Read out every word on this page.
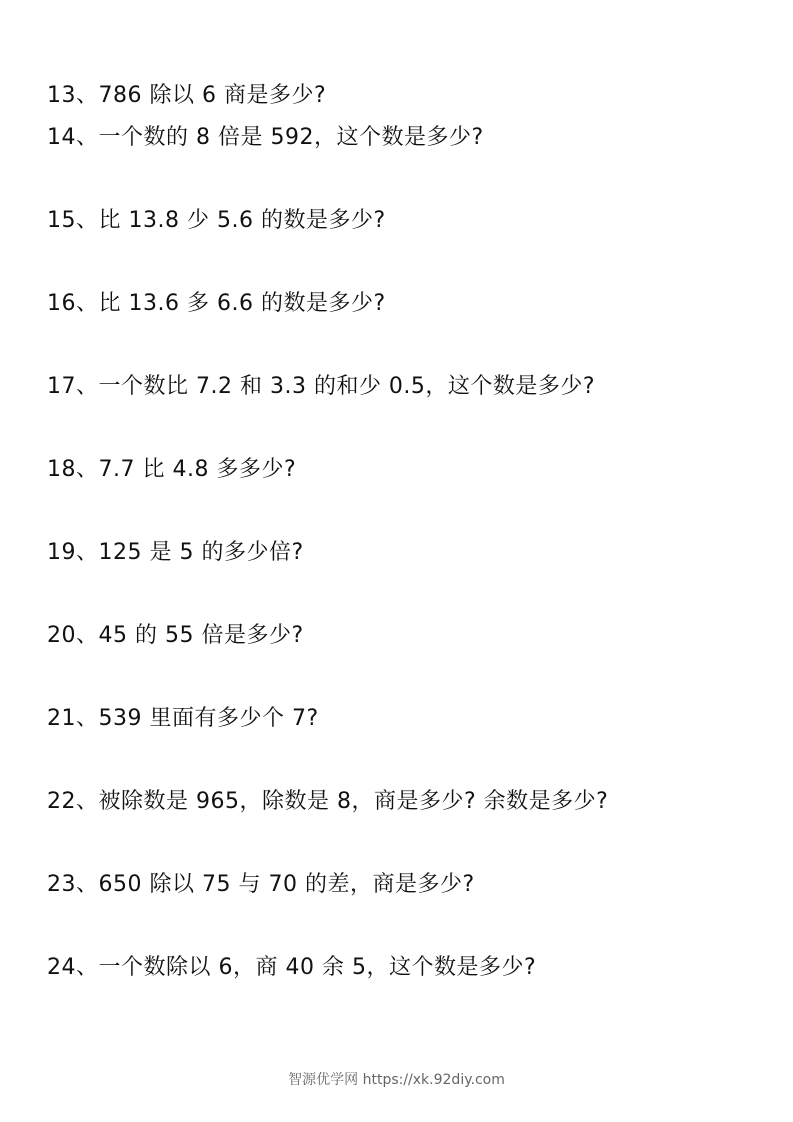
13、786 除以 6 商是多少?
14、一个数的 8 倍是 592，这个数是多少?
15、比 13.8 少 5.6 的数是多少?
16、比 13.6 多 6.6 的数是多少?
17、一个数比 7.2 和 3.3 的和少 0.5，这个数是多少?
18、7.7 比 4.8 多多少?
19、125 是 5 的多少倍?
20、45 的 55 倍是多少?
21、539 里面有多少个 7?
22、被除数是 965，除数是 8，商是多少? 余数是多少?
23、650 除以 75 与 70 的差，商是多少?
24、一个数除以 6，商 40 余 5，这个数是多少?
智源优学网 https://xk.92diy.com
